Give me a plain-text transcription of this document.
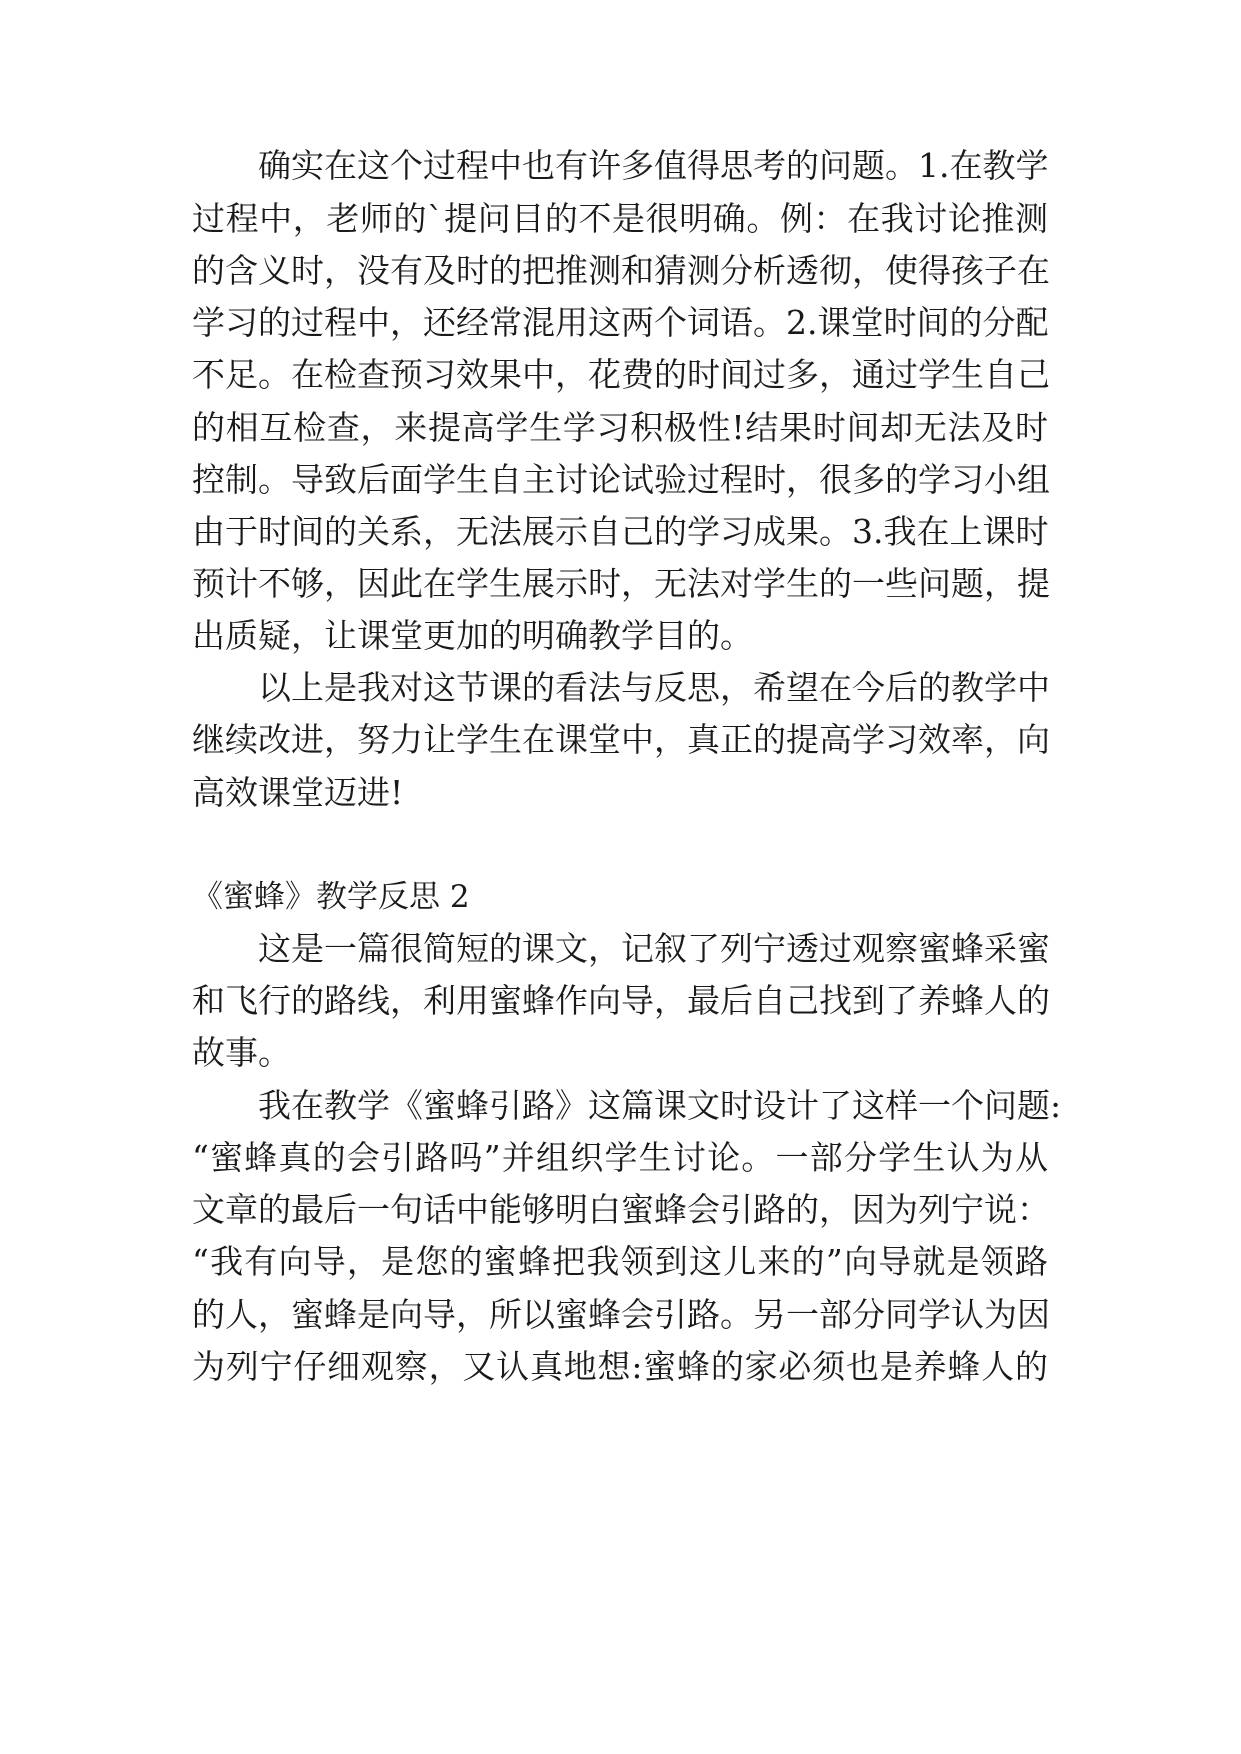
确实在这个过程中也有许多值得思考的问题。1.在教学
过程中，老师的`提问目的不是很明确。例：在我讨论推测
的含义时，没有及时的把推测和猜测分析透彻，使得孩子在
学习的过程中，还经常混用这两个词语。2.课堂时间的分配
不足。在检查预习效果中，花费的时间过多，通过学生自己
的相互检查，来提高学生学习积极性!结果时间却无法及时
控制。导致后面学生自主讨论试验过程时，很多的学习小组
由于时间的关系，无法展示自己的学习成果。3.我在上课时
预计不够，因此在学生展示时，无法对学生的一些问题，提
出质疑，让课堂更加的明确教学目的。
以上是我对这节课的看法与反思，希望在今后的教学中
继续改进，努力让学生在课堂中，真正的提高学习效率，向
高效课堂迈进!
《蜜蜂》教学反思 2
这是一篇很简短的课文，记叙了列宁透过观察蜜蜂采蜜
和飞行的路线，利用蜜蜂作向导，最后自己找到了养蜂人的
故事。
我在教学《蜜蜂引路》这篇课文时设计了这样一个问题:
“蜜蜂真的会引路吗”并组织学生讨论。一部分学生认为从
文章的最后一句话中能够明白蜜蜂会引路的，因为列宁说：
“我有向导，是您的蜜蜂把我领到这儿来的”向导就是领路
的人，蜜蜂是向导，所以蜜蜂会引路。另一部分同学认为因
为列宁仔细观察，又认真地想:蜜蜂的家必须也是养蜂人的
